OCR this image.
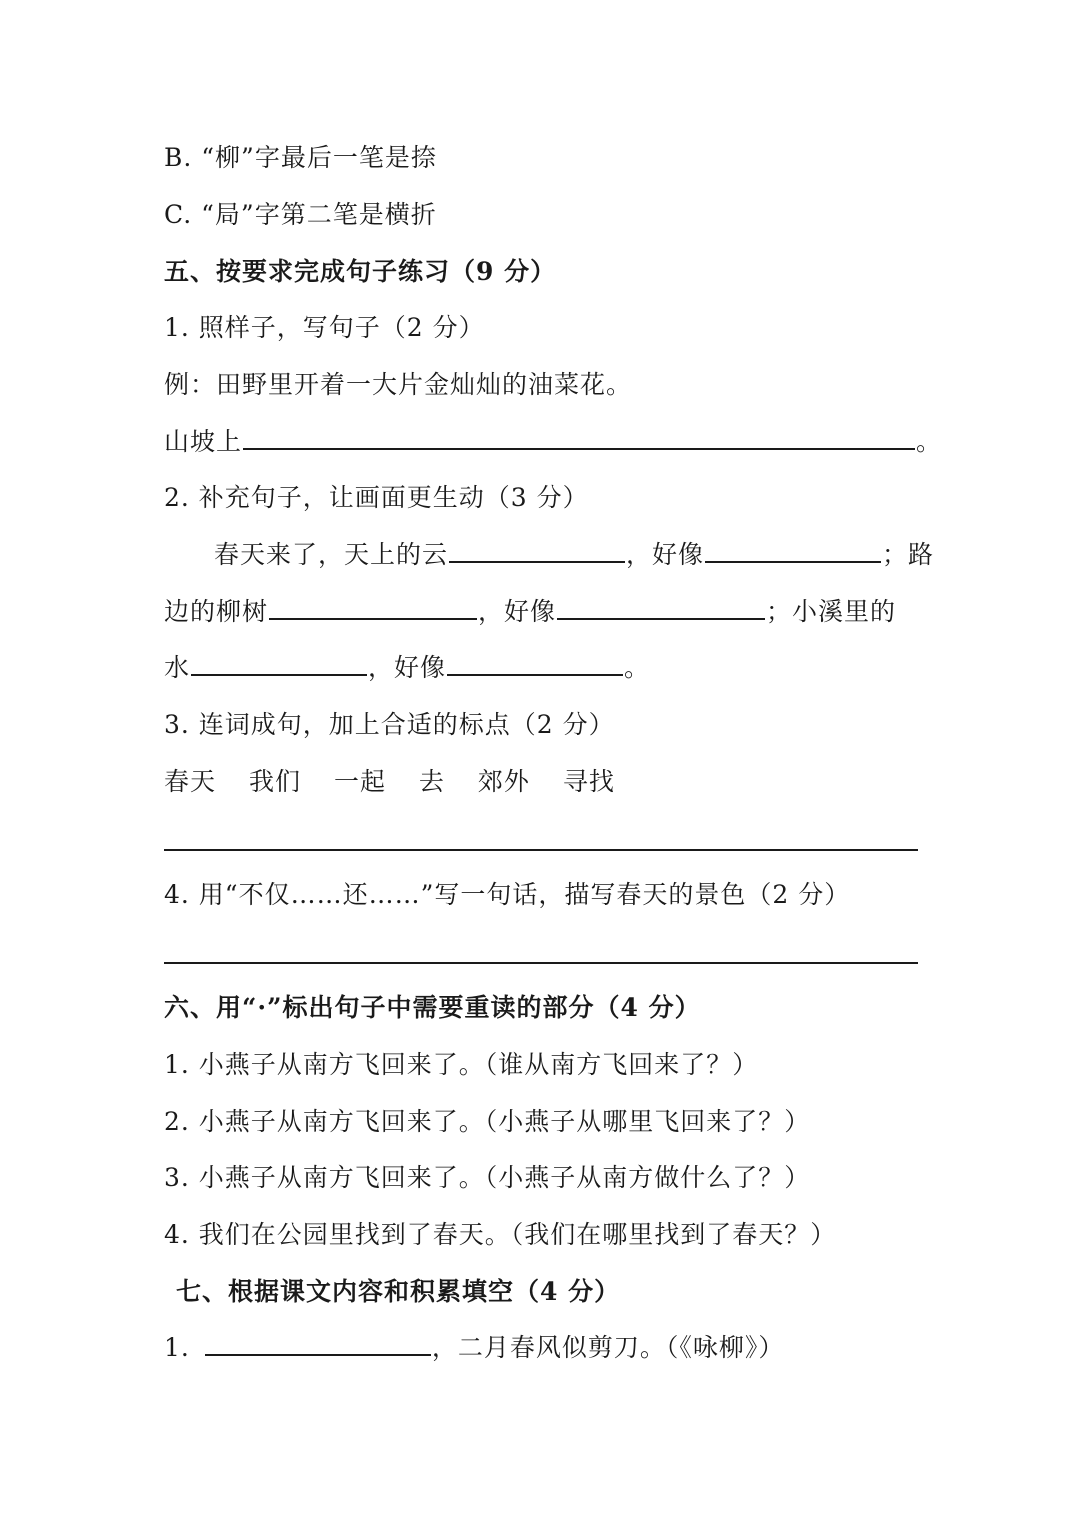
B. “柳”字最后一笔是捺
C. “局”字第二笔是横折
五、按要求完成句子练习（9 分）
1. 照样子，写句子（2 分）
例：田野里开着一大片金灿灿的油菜花。
山坡上	。
2. 补充句子，让画面更生动（3 分）
春天来了，天上的云	，好像	；路
边的柳树	，好像	；小溪里的
水	，好像	。
3. 连词成句，加上合适的标点（2 分）
春天 我们 一起 去 郊外 寻找
4. 用“不仅……还……”写一句话，描写春天的景色（2 分）
六、用“·”标出句子中需要重读的部分（4 分）
1. 小燕子从南方飞回来了。（谁从南方飞回来了？）
2. 小燕子从南方飞回来了。（小燕子从哪里飞回来了？）
3. 小燕子从南方飞回来了。（小燕子从南方做什么了？）
4. 我们在公园里找到了春天。（我们在哪里找到了春天？）
七、根据课文内容和积累填空（4 分）
1.	，二月春风似剪刀。（《咏柳》）
